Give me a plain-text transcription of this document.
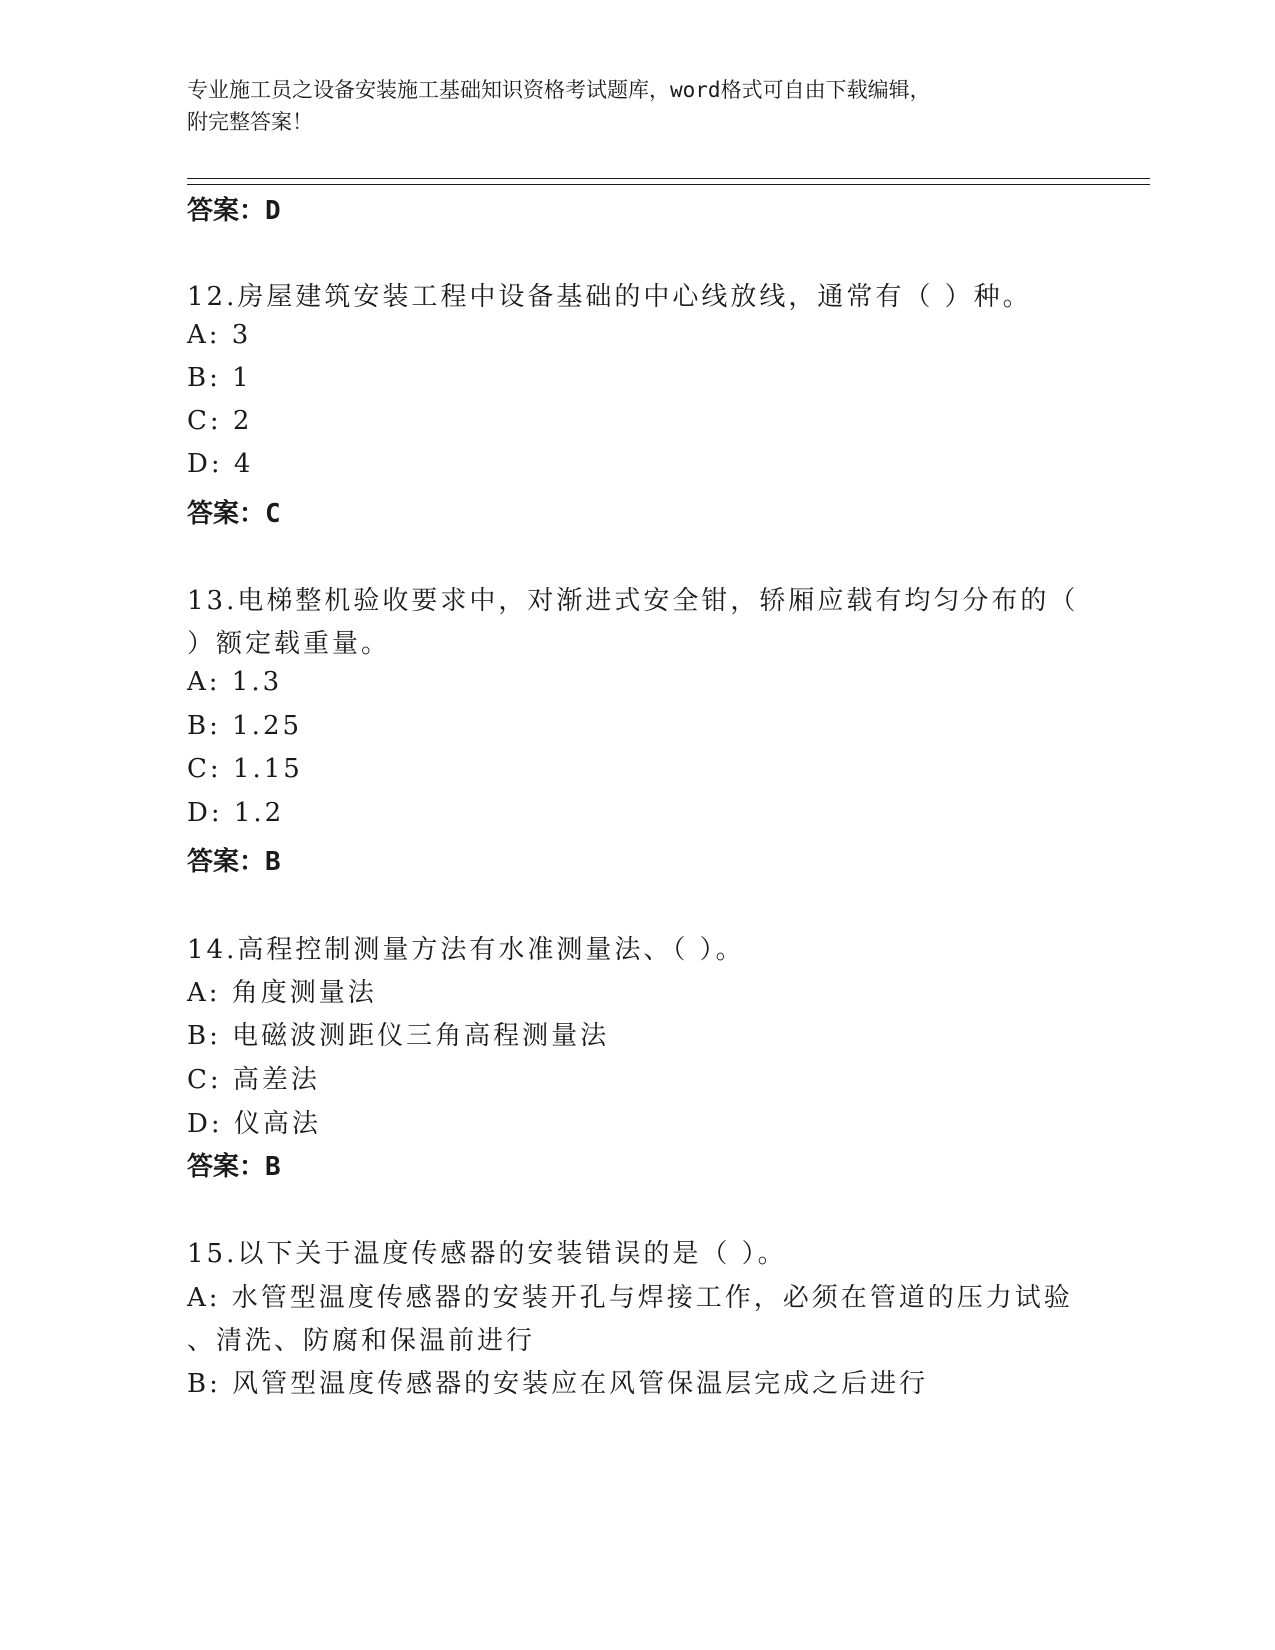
专业施工员之设备安装施工基础知识资格考试题库，word格式可自由下载编辑，
附完整答案！
答案：D
12.房屋建筑安装工程中设备基础的中心线放线，通常有（ ）种。
A: 3
B: 1
C: 2
D: 4
答案：C
13.电梯整机验收要求中，对渐进式安全钳，轿厢应载有均匀分布的（
）额定载重量。
A: 1.3
B: 1.25
C: 1.15
D: 1.2
答案：B
14.高程控制测量方法有水准测量法、（ ）。
A: 角度测量法
B: 电磁波测距仪三角高程测量法
C: 高差法
D: 仪高法
答案：B
15.以下关于温度传感器的安装错误的是（ ）。
A: 水管型温度传感器的安装开孔与焊接工作，必须在管道的压力试验
、清洗、防腐和保温前进行
B: 风管型温度传感器的安装应在风管保温层完成之后进行
